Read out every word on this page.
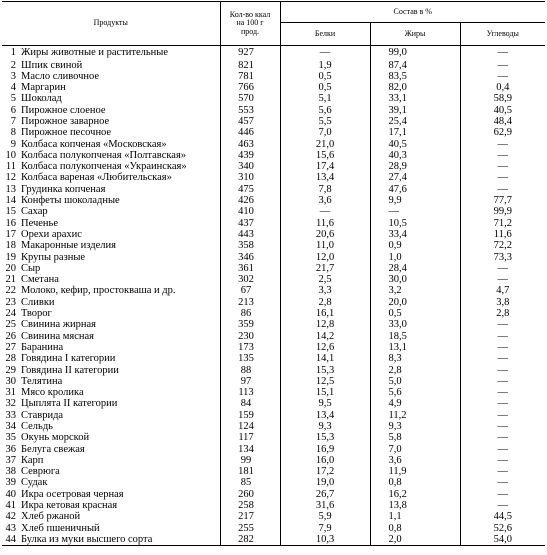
Продукты	Кол-во ккал на 100 г прод.	Состав в %		
		Белки	Жиры	Углеводы
1 Жиры животные и растительные	927	—	99,0	—
2 Шпик свиной	821	1,9	87,4	—
3 Масло сливочное	781	0,5	83,5	—
4 Маргарин	766	0,5	82,0	0,4
5 Шоколад	570	5,1	33,1	58,9
6 Пирожное слоеное	553	5,6	39,1	40,5
7 Пирожное заварное	457	5,5	25,4	48,4
8 Пирожное песочное	446	7,0	17,1	62,9
9 Колбаса копченая «Московская»	463	21,0	40,5	—
10 Колбаса полукопченая «Полтавская»	439	15,6	40,3	—
11 Колбаса полукопченая «Украинская»	340	17,4	28,9	—
12 Колбаса вареная «Любительская»	310	13,4	27,4	—
13 Грудинка копченая	475	7,8	47,6	—
14 Конфеты шоколадные	426	3,6	9,9	77,7
15 Сахар	410	—	—	99,9
16 Печенье	437	11,6	10,5	71,2
17 Орехи арахис	443	20,6	33,4	11,6
18 Макаронные изделия	358	11,0	0,9	72,2
19 Крупы разные	346	12,0	1,0	73,3
20 Сыр	361	21,7	28,4	—
21 Сметана	302	2,5	30,0	—
22 Молоко, кефир, простокваша и др.	67	3,3	3,2	4,7
23 Сливки	213	2,8	20,0	3,8
24 Творог	86	16,1	0,5	2,8
25 Свинина жирная	359	12,8	33,0	—
26 Свинина мясная	230	14,2	18,5	—
27 Баранина	173	12,6	13,1	—
28 Говядина I категории	135	14,1	8,3	—
29 Говядина II категории	88	15,3	2,8	—
30 Телятина	97	12,5	5,0	—
31 Мясо кролика	113	15,1	5,6	—
32 Цыплята II категории	84	9,5	4,9	—
33 Ставрида	159	13,4	11,2	—
34 Сельдь	124	9,3	9,3	—
35 Окунь морской	117	15,3	5,8	—
36 Белуга свежая	134	16,9	7,0	—
37 Карп	99	16,0	3,6	—
38 Севрюга	181	17,2	11,9	—
39 Судак	85	19,0	0,8	—
40 Икра осетровая черная	260	26,7	16,2	—
41 Икра кетовая красная	258	31,6	13,8	—
42 Хлеб ржаной	217	5,9	1,1	44,5
43 Хлеб пшеничный	255	7,9	0,8	52,6
44 Булка из муки высшего сорта	282	10,3	2,0	54,0
